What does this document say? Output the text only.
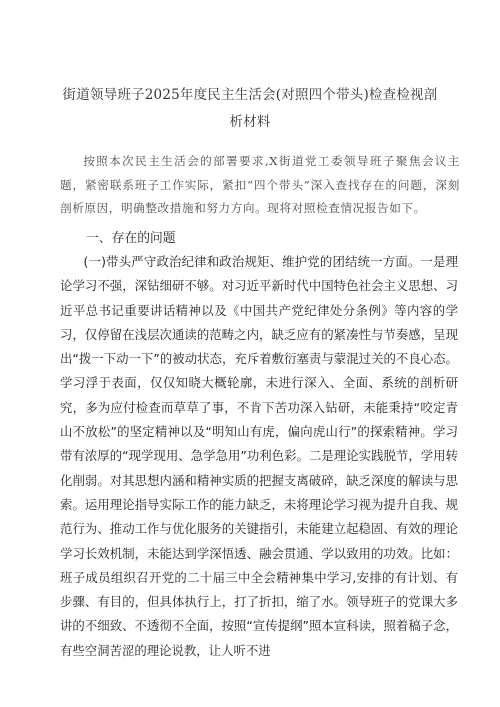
街道领导班子2025年度民主生活会(对照四个带头)检查检视剖析材料
按照本次民主生活会的部署要求,X街道党工委领导班子聚焦会议主题，紧密联系班子工作实际，紧扣“四个带头”深入查找存在的问题，深刻剖析原因，明确整改措施和努力方向。现将对照检查情况报告如下。
一、存在的问题
(一)带头严守政治纪律和政治规矩、维护党的团结统一方面。一是理论学习不强，深钻细研不够。对习近平新时代中国特色社会主义思想、习近平总书记重要讲话精神以及《中国共产党纪律处分条例》等内容的学习，仅停留在浅层次通读的范畴之内，缺乏应有的紧凑性与节奏感，呈现出“拨一下动一下”的被动状态，充斥着敷衍塞责与蒙混过关的不良心态。学习浮于表面，仅仅知晓大概轮廓，未进行深入、全面、系统的剖析研究，多为应付检查而草草了事，不肯下苦功深入钻研，未能秉持“咬定青山不放松”的坚定精神以及“明知山有虎，偏向虎山行”的探索精神。学习带有浓厚的“现学现用、急学急用”功利色彩。二是理论实践脱节，学用转化削弱。对其思想内涵和精神实质的把握支离破碎，缺乏深度的解读与思索。运用理论指导实际工作的能力缺乏，未将理论学习视为提升自我、规范行为、推动工作与优化服务的关键指引，未能建立起稳固、有效的理论学习长效机制，未能达到学深悟透、融会贯通、学以致用的功效。比如：班子成员组织召开党的二十届三中全会精神集中学习,安排的有计划、有步骤、有目的，但具体执行上，打了折扣，缩了水。领导班子的党课大多讲的不细致、不透彻不全面，按照“宣传提纲”照本宣科读，照着稿子念，有些空洞苦涩的理论说教，让人听不进
